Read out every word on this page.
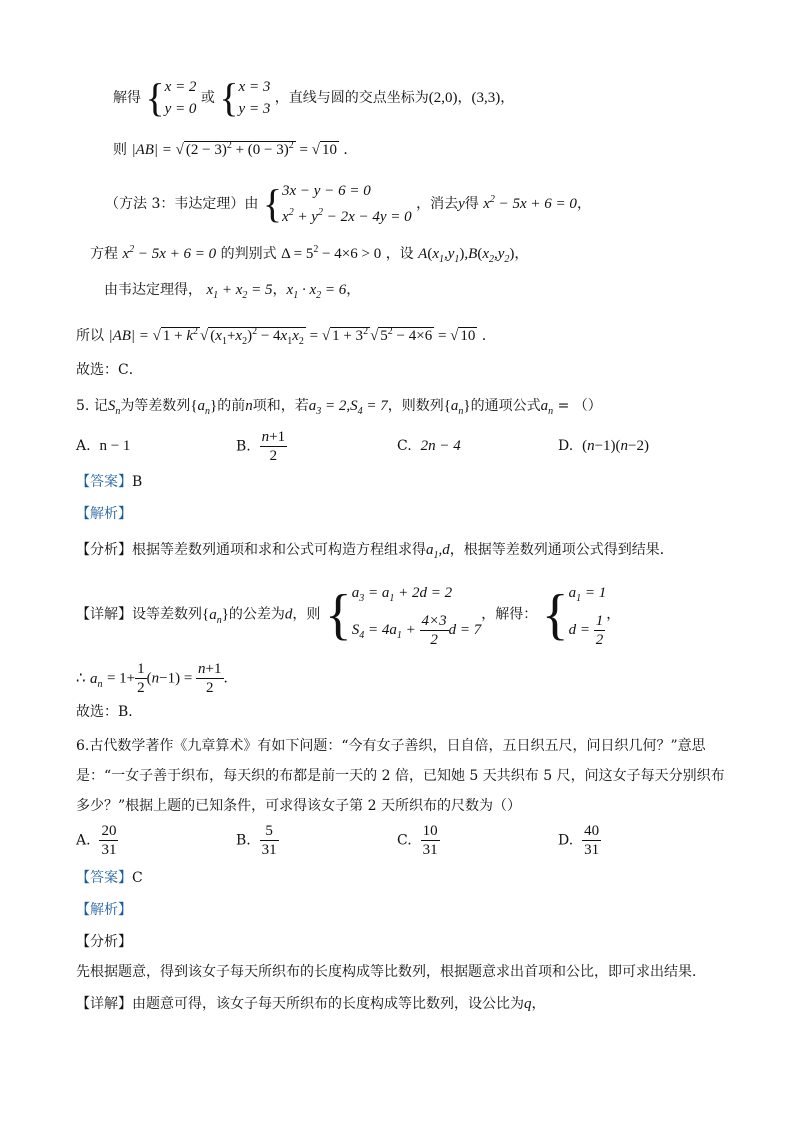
解得 {x = 2
y = 0 或 {x = 3
y = 3 ，直线与圆的交点坐标为(2,0)，(3,3)，
则 |AB| = √ $(2 - 3)^2 + (0 - 3)^2$ = √ 10 ．
（方法 3：韦达定理）由 {3x − y − 6 = 0
$x^2 + y^2 - 2x - 4y = 0$ ，消去y得 $x^2 - 5x + 6 = 0$，
方程 $x^2 - 5x + 6 = 0$ 的判别式 $\Delta = 5^2 - 4\times 6 > 0$ ，设 $A(x_1,y_1),B(x_2,y_2)$，
由韦达定理得， $x_1 + x_2 = 5$，$x_1 \cdot x_2 = 6$，
所以 |AB| = √ $1 + k^2$ √ $(x_1+x_2)^2 - 4x_1x_2$ = √ $1 + 3^2$ √ $5^2 - 4\times 6$ = √ 10 ．
故选：C．
5. 记$S_n$为等差数列$\{a_n\}$的前n项和，若$a_3 = 2,S_4 = 7$，则数列$\{a_n\}$的通项公式$a_n$ = （）
A. n − 1	B. $\frac{n+1}{2}$	C. 2n − 4	D. (n−1)(n−2)
【答案】B
【解析】
【分析】根据等差数列通项和求和公式可构造方程组求得$a_1,d$，根据等差数列通项公式得到结果．
【详解】设等差数列$\{a_n\}$的公差为d，则 {$a_3 = a_1 + 2d = 2$
$S_4 = 4a_1 + \frac{4\times 3}{2}$ d = 7，解得： {$a_1 = 1$
$d = \frac{1}{2}$ ，
∴ $a_n = 1+ \frac{1}{2} (n-1) = \frac{n+1}{2}$ ．
故选：B．
6.古代数学著作《九章算术》有如下问题：“今有女子善织，日自倍，五日织五尺，问日织几何？”意思
是：“一女子善于织布，每天织的布都是前一天的 2 倍，已知她 5 天共织布 5 尺，问这女子每天分别织布
多少？”根据上题的已知条件，可求得该女子第 2 天所织布的尺数为（）
A. $\frac{20}{31}$	B. $\frac{5}{31}$	C. $\frac{10}{31}$	D. $\frac{40}{31}$
【答案】C
【解析】
【分析】
先根据题意，得到该女子每天所织布的长度构成等比数列，根据题意求出首项和公比，即可求出结果．
【详解】由题意可得，该女子每天所织布的长度构成等比数列，设公比为q，
